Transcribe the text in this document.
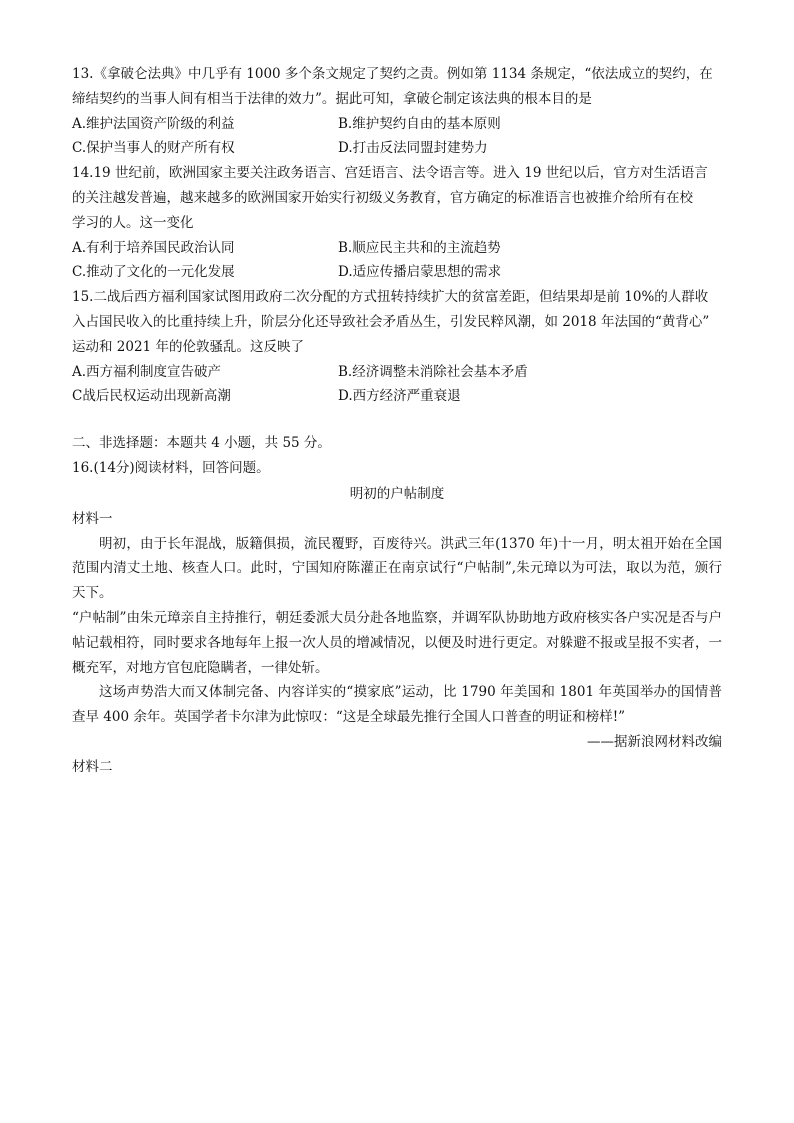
13.《拿破仑法典》中几乎有 1000 多个条文规定了契约之责。例如第 1134 条规定，“依法成立的契约，在
缔结契约的当事人间有相当于法律的效力”。据此可知，拿破仑制定该法典的根本目的是
A.维护法国资产阶级的利益	B.维护契约自由的基本原则
C.保护当事人的财产所有权	D.打击反法同盟封建势力
14.19 世纪前，欧洲国家主要关注政务语言、宫廷语言、法令语言等。进入 19 世纪以后，官方对生活语言
的关注越发普遍，越来越多的欧洲国家开始实行初级义务教育，官方确定的标准语言也被推介给所有在校
学习的人。这一变化
A.有利于培养国民政治认同	B.顺应民主共和的主流趋势
C.推动了文化的一元化发展	D.适应传播启蒙思想的需求
15.二战后西方福利国家试图用政府二次分配的方式扭转持续扩大的贫富差距，但结果却是前 10%的人群收
入占国民收入的比重持续上升，阶层分化还导致社会矛盾丛生，引发民粹风潮，如 2018 年法国的“黄背心”
运动和 2021 年的伦敦骚乱。这反映了
A.西方福利制度宣告破产	B.经济调整未消除社会基本矛盾
C战后民权运动出现新高潮	D.西方经济严重衰退
二、非选择题：本题共 4 小题，共 55 分。
16.(14分)阅读材料，回答问题。
明初的户帖制度
材料一
明初，由于长年混战，版籍俱损，流民覆野，百废待兴。洪武三年(1370 年)十一月，明太祖开始在全国范围内清丈土地、核查人口。此时，宁国知府陈灌正在南京试行“户帖制”,朱元璋以为可法，取以为范，颁行天下。
“户帖制”由朱元璋亲自主持推行，朝廷委派大员分赴各地监察，并调军队协助地方政府核实各户实况是否与户帖记载相符，同时要求各地每年上报一次人员的增减情况，以便及时进行更定。对躲避不报或呈报不实者，一概充军，对地方官包庇隐瞒者，一律处斩。
这场声势浩大而又体制完备、内容详实的“摸家底”运动，比 1790 年美国和 1801 年英国举办的国情普查早 400 余年。英国学者卡尔津为此惊叹：“这是全球最先推行全国人口普查的明证和榜样!”
——据新浪网材料改编
材料二
